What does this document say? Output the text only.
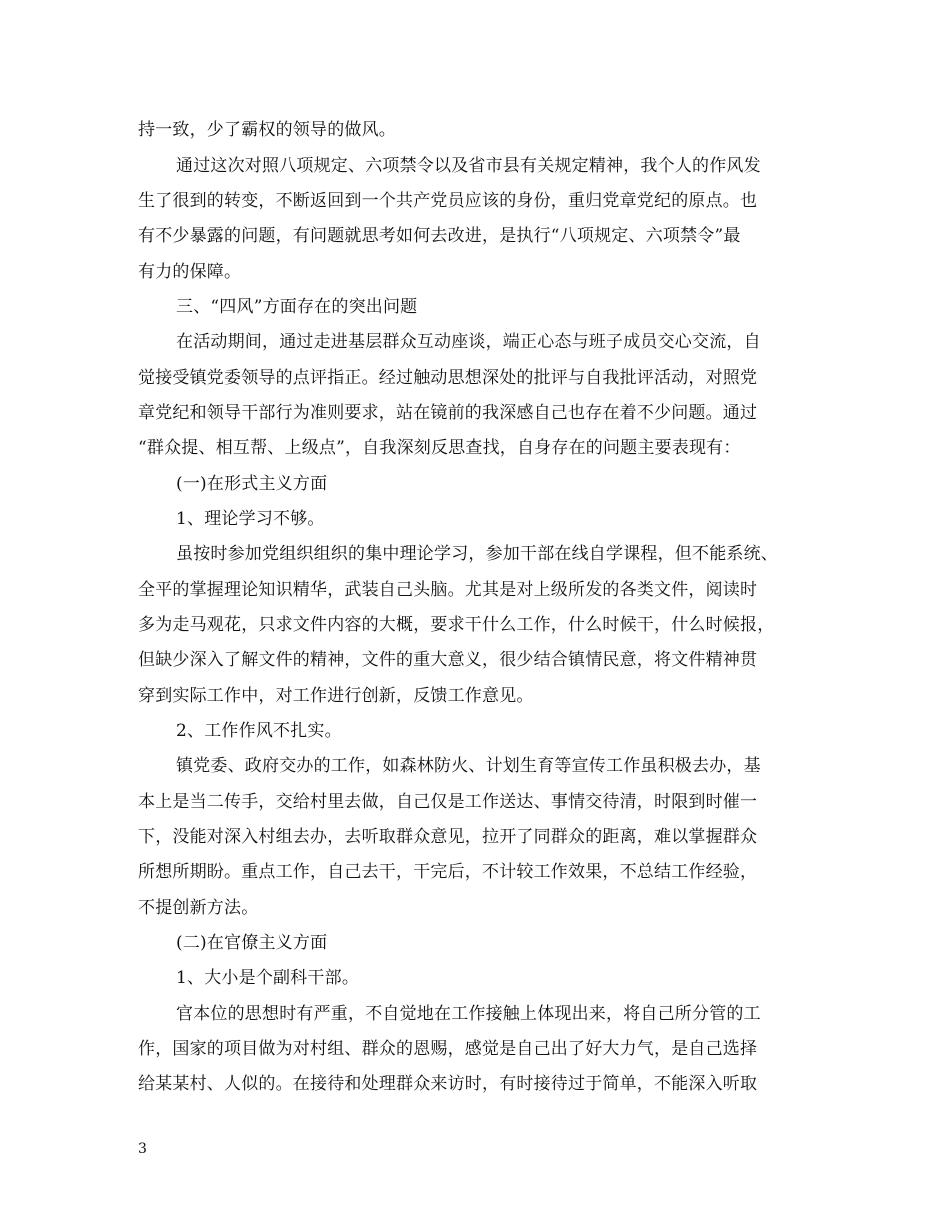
持一致，少了霸权的领导的做风。
通过这次对照八项规定、六项禁令以及省市县有关规定精神，我个人的作风发
生了很到的转变，不断返回到一个共产党员应该的身份，重归党章党纪的原点。也
有不少暴露的问题，有问题就思考如何去改进，是执行“八项规定、六项禁令”最
有力的保障。
三、“四风”方面存在的突出问题
在活动期间，通过走进基层群众互动座谈，端正心态与班子成员交心交流，自
觉接受镇党委领导的点评指正。经过触动思想深处的批评与自我批评活动，对照党
章党纪和领导干部行为准则要求，站在镜前的我深感自己也存在着不少问题。通过
“群众提、相互帮、上级点”，自我深刻反思查找，自身存在的问题主要表现有：
(一)在形式主义方面
1、理论学习不够。
虽按时参加党组织组织的集中理论学习，参加干部在线自学课程，但不能系统、
全平的掌握理论知识精华，武装自己头脑。尤其是对上级所发的各类文件，阅读时
多为走马观花，只求文件内容的大概，要求干什么工作，什么时候干，什么时候报，
但缺少深入了解文件的精神，文件的重大意义，很少结合镇情民意，将文件精神贯
穿到实际工作中，对工作进行创新，反馈工作意见。
2、工作作风不扎实。
镇党委、政府交办的工作，如森林防火、计划生育等宣传工作虽积极去办，基
本上是当二传手，交给村里去做，自己仅是工作送达、事情交待清，时限到时催一
下，没能对深入村组去办，去听取群众意见，拉开了同群众的距离，难以掌握群众
所想所期盼。重点工作，自己去干，干完后，不计较工作效果，不总结工作经验，
不提创新方法。
(二)在官僚主义方面
1、大小是个副科干部。
官本位的思想时有严重，不自觉地在工作接触上体现出来，将自己所分管的工
作，国家的项目做为对村组、群众的恩赐，感觉是自己出了好大力气，是自己选择
给某某村、人似的。在接待和处理群众来访时，有时接待过于简单，不能深入听取
3
